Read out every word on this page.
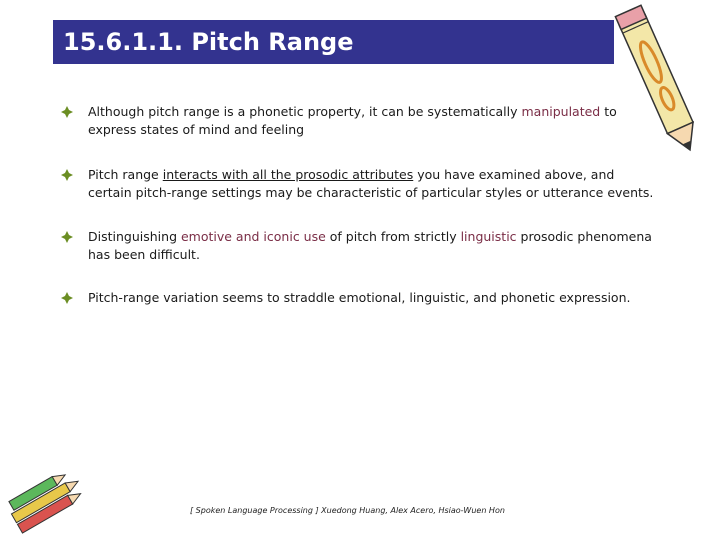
15.6.1.1. Pitch Range
Although pitch range is a phonetic property, it can be systematically manipulated to express states of mind and feeling
Pitch range interacts with all the prosodic attributes you have examined above, and certain pitch-range settings may be characteristic of particular styles or utterance events.
Distinguishing emotive and iconic use of pitch from strictly linguistic prosodic phenomena has been difficult.
Pitch-range variation seems to straddle emotional, linguistic, and phonetic expression.
[ Spoken Language Processing ] Xuedong Huang, Alex Acero, Hsiao-Wuen Hon
